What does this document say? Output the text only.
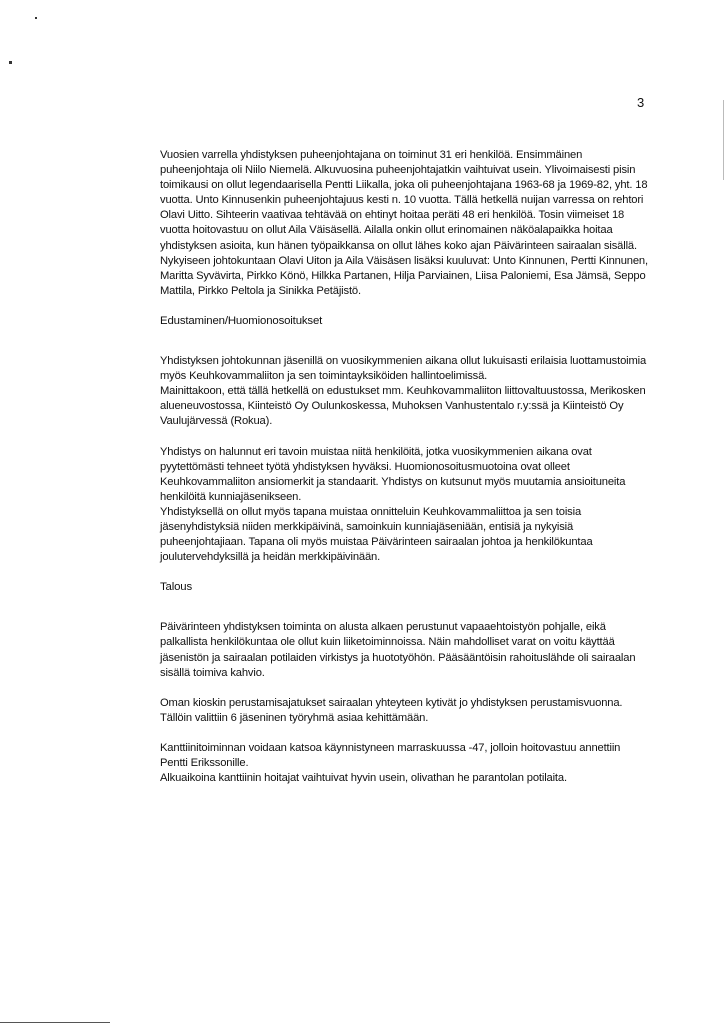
3

Vuosien varrella yhdistyksen puheenjohtajana on toiminut 31 eri henkilöä. Ensimmäinen puheenjohtaja oli Niilo Niemelä. Alkuvuosina puheenjohtajatkin vaihtuivat usein. Ylivoimaisesti pisin toimikausi on ollut legendaarisella Pentti Liikalla, joka oli puheenjohtajana 1963-68 ja 1969-82, yht. 18 vuotta. Unto Kinnusenkin puheenjohtajuus kesti n. 10 vuotta. Tällä hetkellä nuijan varressa on rehtori Olavi Uitto. Sihteerin vaativaa tehtävää on ehtinyt hoitaa peräti 48 eri henkilöä. Tosin viimeiset 18 vuotta hoitovastuu on ollut Aila Väisäsellä. Ailalla onkin ollut erinomainen näköalapaikka hoitaa yhdistyksen asioita, kun hänen työpaikkansa on ollut lähes koko ajan Päivärinteen sairaalan sisällä.

Nykyiseen johtokuntaan Olavi Uiton ja Aila Väisäsen lisäksi kuuluvat: Unto Kinnunen, Pertti Kinnunen, Maritta Syvävirta, Pirkko Könö, Hilkka Partanen, Hilja Parviainen, Liisa Paloniemi, Esa Jämsä, Seppo Mattila, Pirkko Peltola ja Sinikka Petäjistö.

Edustaminen/Huomionosoitukset

Yhdistyksen johtokunnan jäsenillä on vuosikymmenien aikana ollut lukuisasti erilaisia luottamustoimia myös Keuhkovammaliiton ja sen toimintayksiköiden hallintoelimissä.

Mainittakoon, että tällä hetkellä on edustukset mm. Keuhkovammaliiton liittovaltuustossa, Merikosken alueneuvostossa, Kiinteistö Oy Oulunkoskessa, Muhoksen Vanhustentalo r.y:ssä ja Kiinteistö Oy Vaulujärvessä (Rokua).

Yhdistys on halunnut eri tavoin muistaa niitä henkilöitä, jotka vuosikymmenien aikana ovat pyytettömästi tehneet työtä yhdistyksen hyväksi. Huomionosoitusmuotoina ovat olleet Keuhkovammaliiton ansiomerkit ja standaarit. Yhdistys on kutsunut myös muutamia ansioituneita henkilöitä kunniajäsenikseen.

Yhdistyksellä on ollut myös tapana muistaa onnitteluin Keuhkovammaliittoa ja sen toisia jäsenyhdistyksiä niiden merkkipäivinä, samoinkuin kunniajäseniään, entisiä ja nykyisiä puheenjohtajiaan. Tapana oli myös muistaa Päivärinteen sairaalan johtoa ja henkilökuntaa joulutervehdyksillä ja heidän merkkipäivinään.

Talous

Päivärinteen yhdistyksen toiminta on alusta alkaen perustunut vapaaehtoistyön pohjalle, eikä palkallista henkilökuntaa ole ollut kuin liiketoiminnoissa. Näin mahdolliset varat on voitu käyttää jäsenistön ja sairaalan potilaiden virkistys ja huototyöhön. Pääsääntöisin rahoituslähde oli sairaalan sisällä toimiva kahvio.

Oman kioskin perustamisajatukset sairaalan yhteyteen kytivät jo yhdistyksen perustamisvuonna. Tällöin valittiin 6 jäseninen työryhmä asiaa kehittämään.

Kanttiinitoiminnan voidaan katsoa käynnistyneen marraskuussa -47, jolloin hoitovastuu annettiin Pentti Erikssonille.

Alkuaikoina kanttiinin hoitajat vaihtuivat hyvin usein, olivathan he parantolan potilaita.
